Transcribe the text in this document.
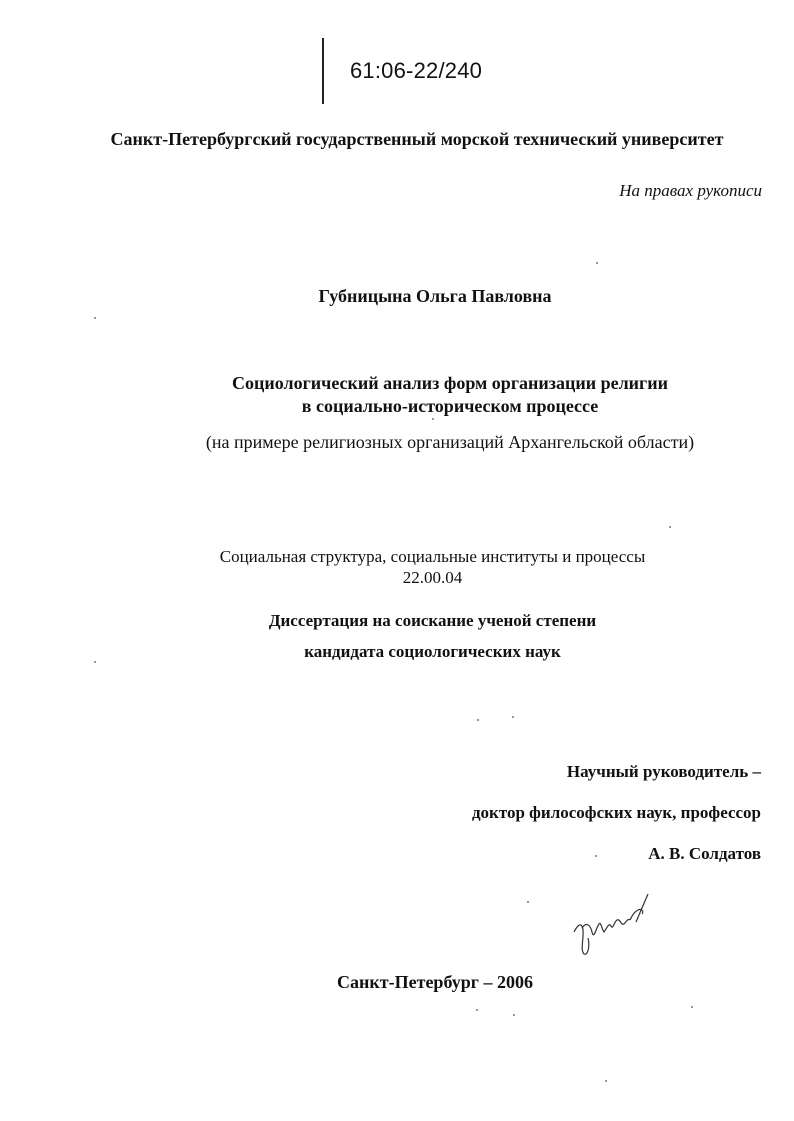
61:06-22/240
Санкт-Петербургский государственный морской технический университет
На правах рукописи
Губницына Ольга Павловна
Социологический анализ форм организации религии
в социально-историческом процессе
(на примере религиозных организаций Архангельской области)
Социальная структура, социальные институты и процессы
22.00.04
Диссертация на соискание ученой степени
кандидата социологических наук
Научный руководитель –
доктор философских наук, профессор
А. В. Солдатов
Санкт-Петербург – 2006
